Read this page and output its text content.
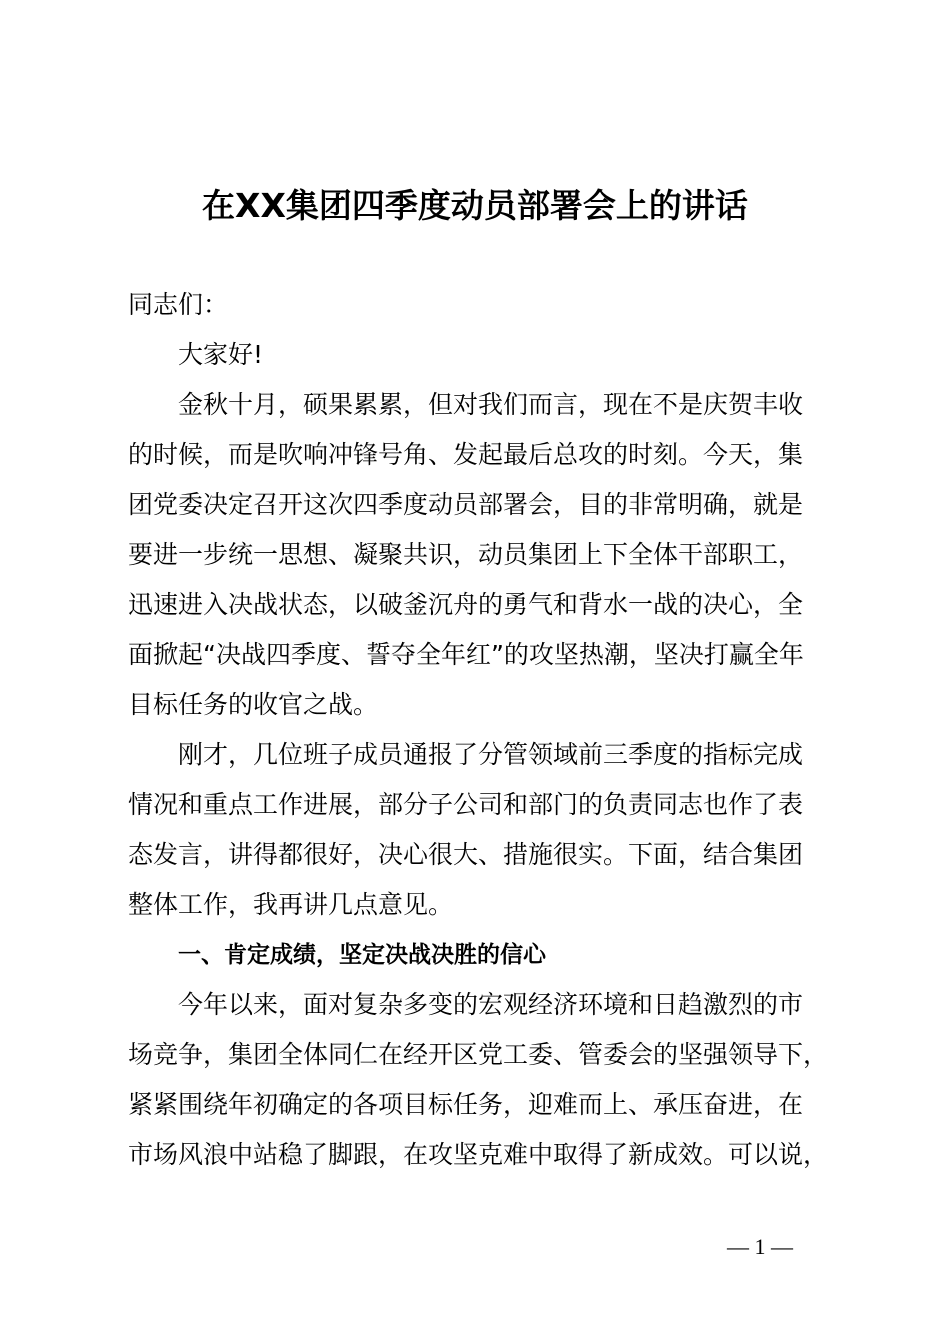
在XX集团四季度动员部署会上的讲话
同志们：
大家好!
金秋十月，硕果累累，但对我们而言，现在不是庆贺丰收
的时候，而是吹响冲锋号角、发起最后总攻的时刻。今天，集
团党委决定召开这次四季度动员部署会，目的非常明确，就是
要进一步统一思想、凝聚共识，动员集团上下全体干部职工，
迅速进入决战状态，以破釜沉舟的勇气和背水一战的决心，全
面掀起“决战四季度、誓夺全年红”的攻坚热潮，坚决打赢全年
目标任务的收官之战。
刚才，几位班子成员通报了分管领域前三季度的指标完成
情况和重点工作进展，部分子公司和部门的负责同志也作了表
态发言，讲得都很好，决心很大、措施很实。下面，结合集团
整体工作，我再讲几点意见。
一、肯定成绩，坚定决战决胜的信心
今年以来，面对复杂多变的宏观经济环境和日趋激烈的市
场竞争，集团全体同仁在经开区党工委、管委会的坚强领导下，
紧紧围绕年初确定的各项目标任务，迎难而上、承压奋进，在
市场风浪中站稳了脚跟，在攻坚克难中取得了新成效。可以说，
— 1 —
